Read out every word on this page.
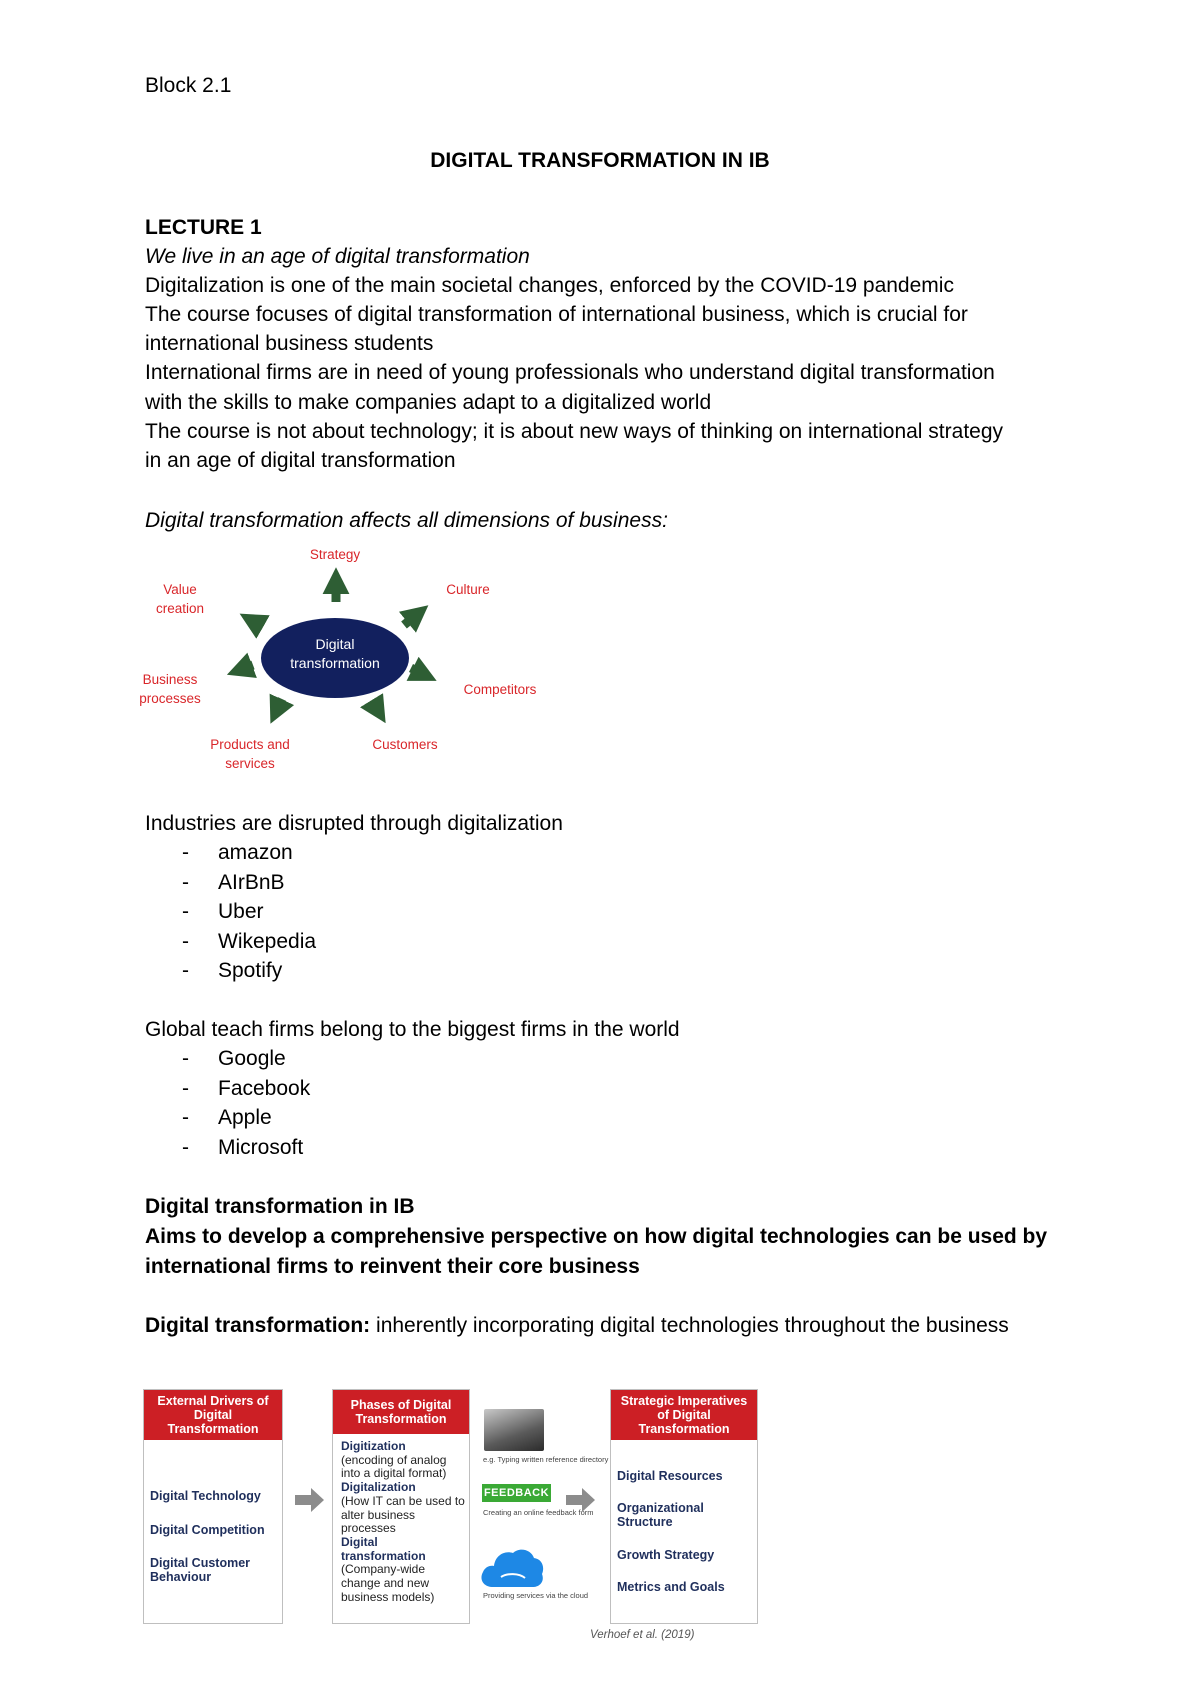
Block 2.1
DIGITAL TRANSFORMATION IN IB
LECTURE 1
We live in an age of digital transformation
Digitalization is one of the main societal changes, enforced by the COVID-19 pandemic
The course focuses of digital transformation of international business, which is crucial for
international business students
International firms are in need of young professionals who understand digital transformation
with the skills to make companies adapt to a digitalized world
The course is not about technology; it is about new ways of thinking on international strategy
in an age of digital transformation
Digital transformation affects all dimensions of business:
Digital
transformation
Strategy
Culture
Competitors
Customers
Products and
services
Business
processes
Value
creation
Industries are disrupted through digitalization
- amazon
- AIrBnB
- Uber
- Wikepedia
- Spotify
Global teach firms belong to the biggest firms in the world
- Google
- Facebook
- Apple
- Microsoft
Digital transformation in IB
Aims to develop a comprehensive perspective on how digital technologies can be used by
international firms to reinvent their core business
Digital transformation: inherently incorporating digital technologies throughout the business
External Drivers of Digital Transformation
Digital Technology
Digital Competition
Digital Customer Behaviour
Phases of Digital Transformation
Digitization
(encoding of analog into a digital format)
Digitalization
(How IT can be used to alter business processes
Digital transformation
(Company-wide change and new business models)
e.g. Typing written reference directory
FEEDBACK
Creating an online feedback form
Providing services via the cloud
Strategic Imperatives of Digital Transformation
Digital Resources
Organizational Structure
Growth Strategy
Metrics and Goals
Verhoef et al. (2019)
